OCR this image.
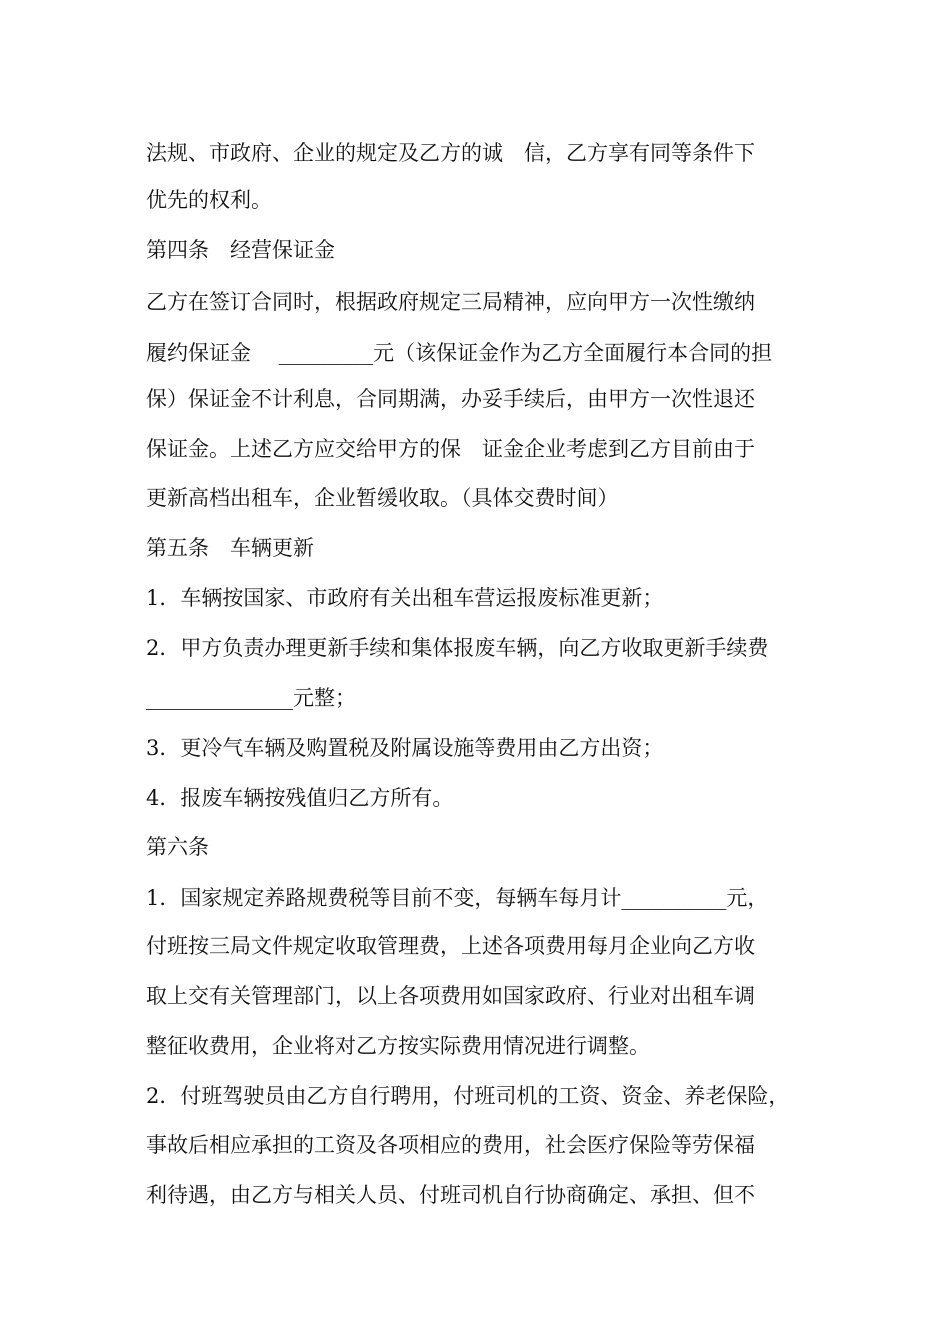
法规、市政府、企业的规定及乙方的诚　信，乙方享有同等条件下
优先的权利。
第四条　经营保证金
乙方在签订合同时，根据政府规定三局精神，应向甲方一次性缴纳
履约保证金　 _________元（该保证金作为乙方全面履行本合同的担
保）保证金不计利息，合同期满，办妥手续后，由甲方一次性退还
保证金。上述乙方应交给甲方的保　证金企业考虑到乙方目前由于
更新高档出租车，企业暂缓收取。（具体交费时间）
第五条　车辆更新
1．车辆按国家、市政府有关出租车营运报废标准更新；
2．甲方负责办理更新手续和集体报废车辆，向乙方收取更新手续费
______________元整；
3．更冷气车辆及购置税及附属设施等费用由乙方出资；
4．报废车辆按残值归乙方所有。
第六条
1．国家规定养路规费税等目前不变，每辆车每月计__________元，
付班按三局文件规定收取管理费，上述各项费用每月企业向乙方收
取上交有关管理部门，以上各项费用如国家政府、行业对出租车调
整征收费用，企业将对乙方按实际费用情况进行调整。
2．付班驾驶员由乙方自行聘用，付班司机的工资、资金、养老保险，
事故后相应承担的工资及各项相应的费用，社会医疗保险等劳保福
利待遇，由乙方与相关人员、付班司机自行协商确定、承担、但不
